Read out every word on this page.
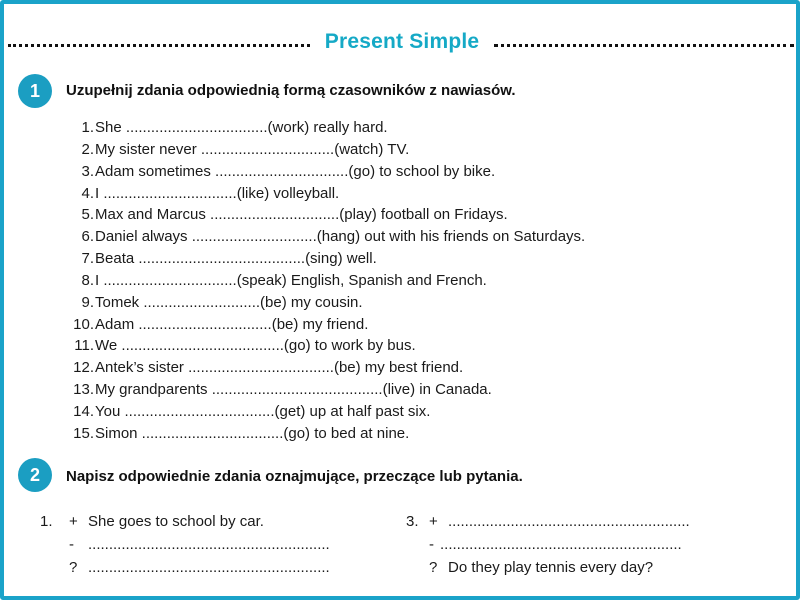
Present Simple
1	Uzupełnij zdania odpowiednią formą czasowników z nawiasów.
1.She ..................................(work) really hard.
2.My sister never ................................(watch) TV.
3.Adam sometimes ................................(go) to school by bike.
4.I ................................(like) volleyball.
5.Max and Marcus ...............................(play) football on Fridays.
6.Daniel always ..............................(hang) out with his friends on Saturdays.
7.Beata ........................................(sing) well.
8.I ................................(speak) English, Spanish and French.
9.Tomek ............................(be) my cousin.
10.Adam ................................(be) my friend.
11.We .......................................(go) to work by bus.
12.Antek’s sister ...................................(be) my best friend.
13.My grandparents .........................................(live) in Canada.
14.You ....................................(get) up at half past six.
15.Simon ..................................(go) to bed at nine.
2	Napisz odpowiednie zdania oznajmujące, przeczące lub pytania.
1. + She goes to school by car.
- ..........................................................
? ..........................................................
3. + ..........................................................
- ..........................................................
? Do they play tennis every day?
